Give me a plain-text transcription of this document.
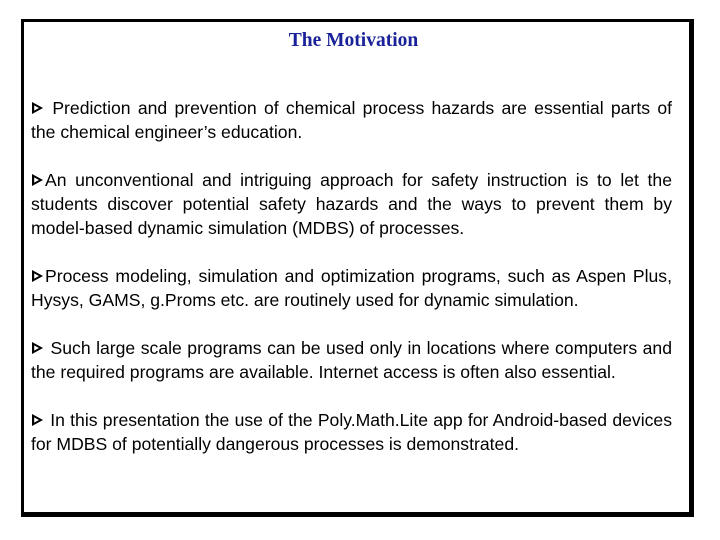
The Motivation
Prediction and prevention of chemical process hazards are essential parts of the chemical engineer’s education.
An unconventional and intriguing approach for safety instruction is to let the students discover potential safety hazards and the ways to prevent them by model-based dynamic simulation (MDBS) of processes.
Process modeling, simulation and optimization programs, such as Aspen Plus, Hysys, GAMS, g.Proms etc. are routinely used for dynamic simulation.
Such large scale programs can be used only in locations where computers and the required programs are available. Internet access is often also essential.
In this presentation the use of the Poly.Math.Lite app for Android-based devices for MDBS of potentially dangerous processes is demonstrated.
